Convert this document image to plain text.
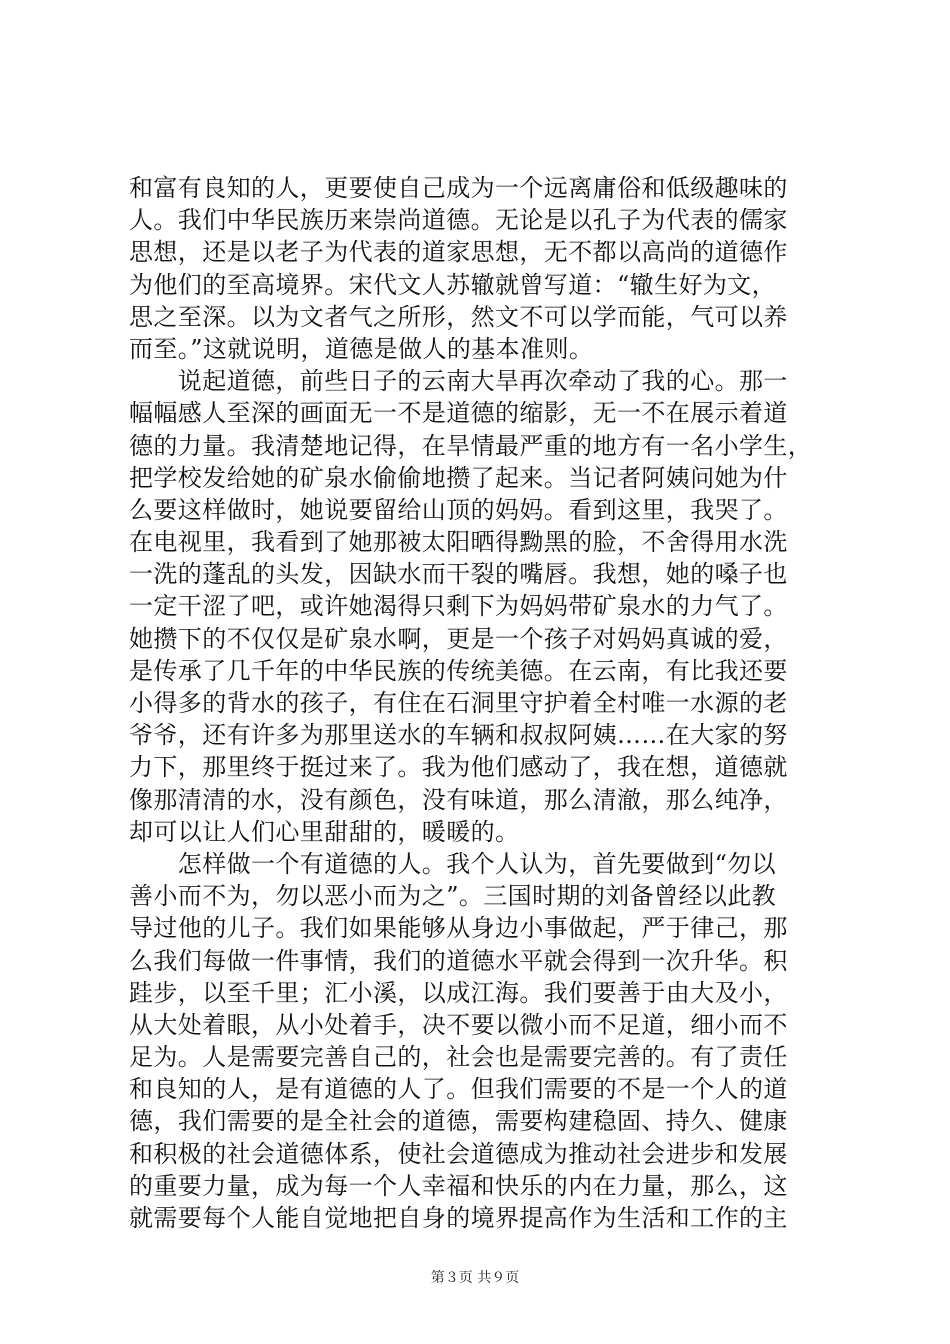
和富有良知的人，更要使自己成为一个远离庸俗和低级趣味的
人。我们中华民族历来崇尚道德。无论是以孔子为代表的儒家
思想，还是以老子为代表的道家思想，无不都以高尚的道德作
为他们的至高境界。宋代文人苏辙就曾写道：“辙生好为文，
思之至深。以为文者气之所形，然文不可以学而能，气可以养
而至。”这就说明，道德是做人的基本准则。
　　说起道德，前些日子的云南大旱再次牵动了我的心。那一
幅幅感人至深的画面无一不是道德的缩影，无一不在展示着道
德的力量。我清楚地记得，在旱情最严重的地方有一名小学生，
把学校发给她的矿泉水偷偷地攒了起来。当记者阿姨问她为什
么要这样做时，她说要留给山顶的妈妈。看到这里，我哭了。
在电视里，我看到了她那被太阳晒得黝黑的脸，不舍得用水洗
一洗的蓬乱的头发，因缺水而干裂的嘴唇。我想，她的嗓子也
一定干涩了吧，或许她渴得只剩下为妈妈带矿泉水的力气了。
她攒下的不仅仅是矿泉水啊，更是一个孩子对妈妈真诚的爱，
是传承了几千年的中华民族的传统美德。在云南，有比我还要
小得多的背水的孩子，有住在石洞里守护着全村唯一水源的老
爷爷，还有许多为那里送水的车辆和叔叔阿姨……在大家的努
力下，那里终于挺过来了。我为他们感动了，我在想，道德就
像那清清的水，没有颜色，没有味道，那么清澈，那么纯净，
却可以让人们心里甜甜的，暖暖的。
　　怎样做一个有道德的人。我个人认为，首先要做到“勿以
善小而不为，勿以恶小而为之”。三国时期的刘备曾经以此教
导过他的儿子。我们如果能够从身边小事做起，严于律己，那
么我们每做一件事情，我们的道德水平就会得到一次升华。积
跬步，以至千里；汇小溪，以成江海。我们要善于由大及小，
从大处着眼，从小处着手，决不要以微小而不足道，细小而不
足为。人是需要完善自己的，社会也是需要完善的。有了责任
和良知的人，是有道德的人了。但我们需要的不是一个人的道
德，我们需要的是全社会的道德，需要构建稳固、持久、健康
和积极的社会道德体系，使社会道德成为推动社会进步和发展
的重要力量，成为每一个人幸福和快乐的内在力量，那么，这
就需要每个人能自觉地把自身的境界提高作为生活和工作的主
第３页 共９页
